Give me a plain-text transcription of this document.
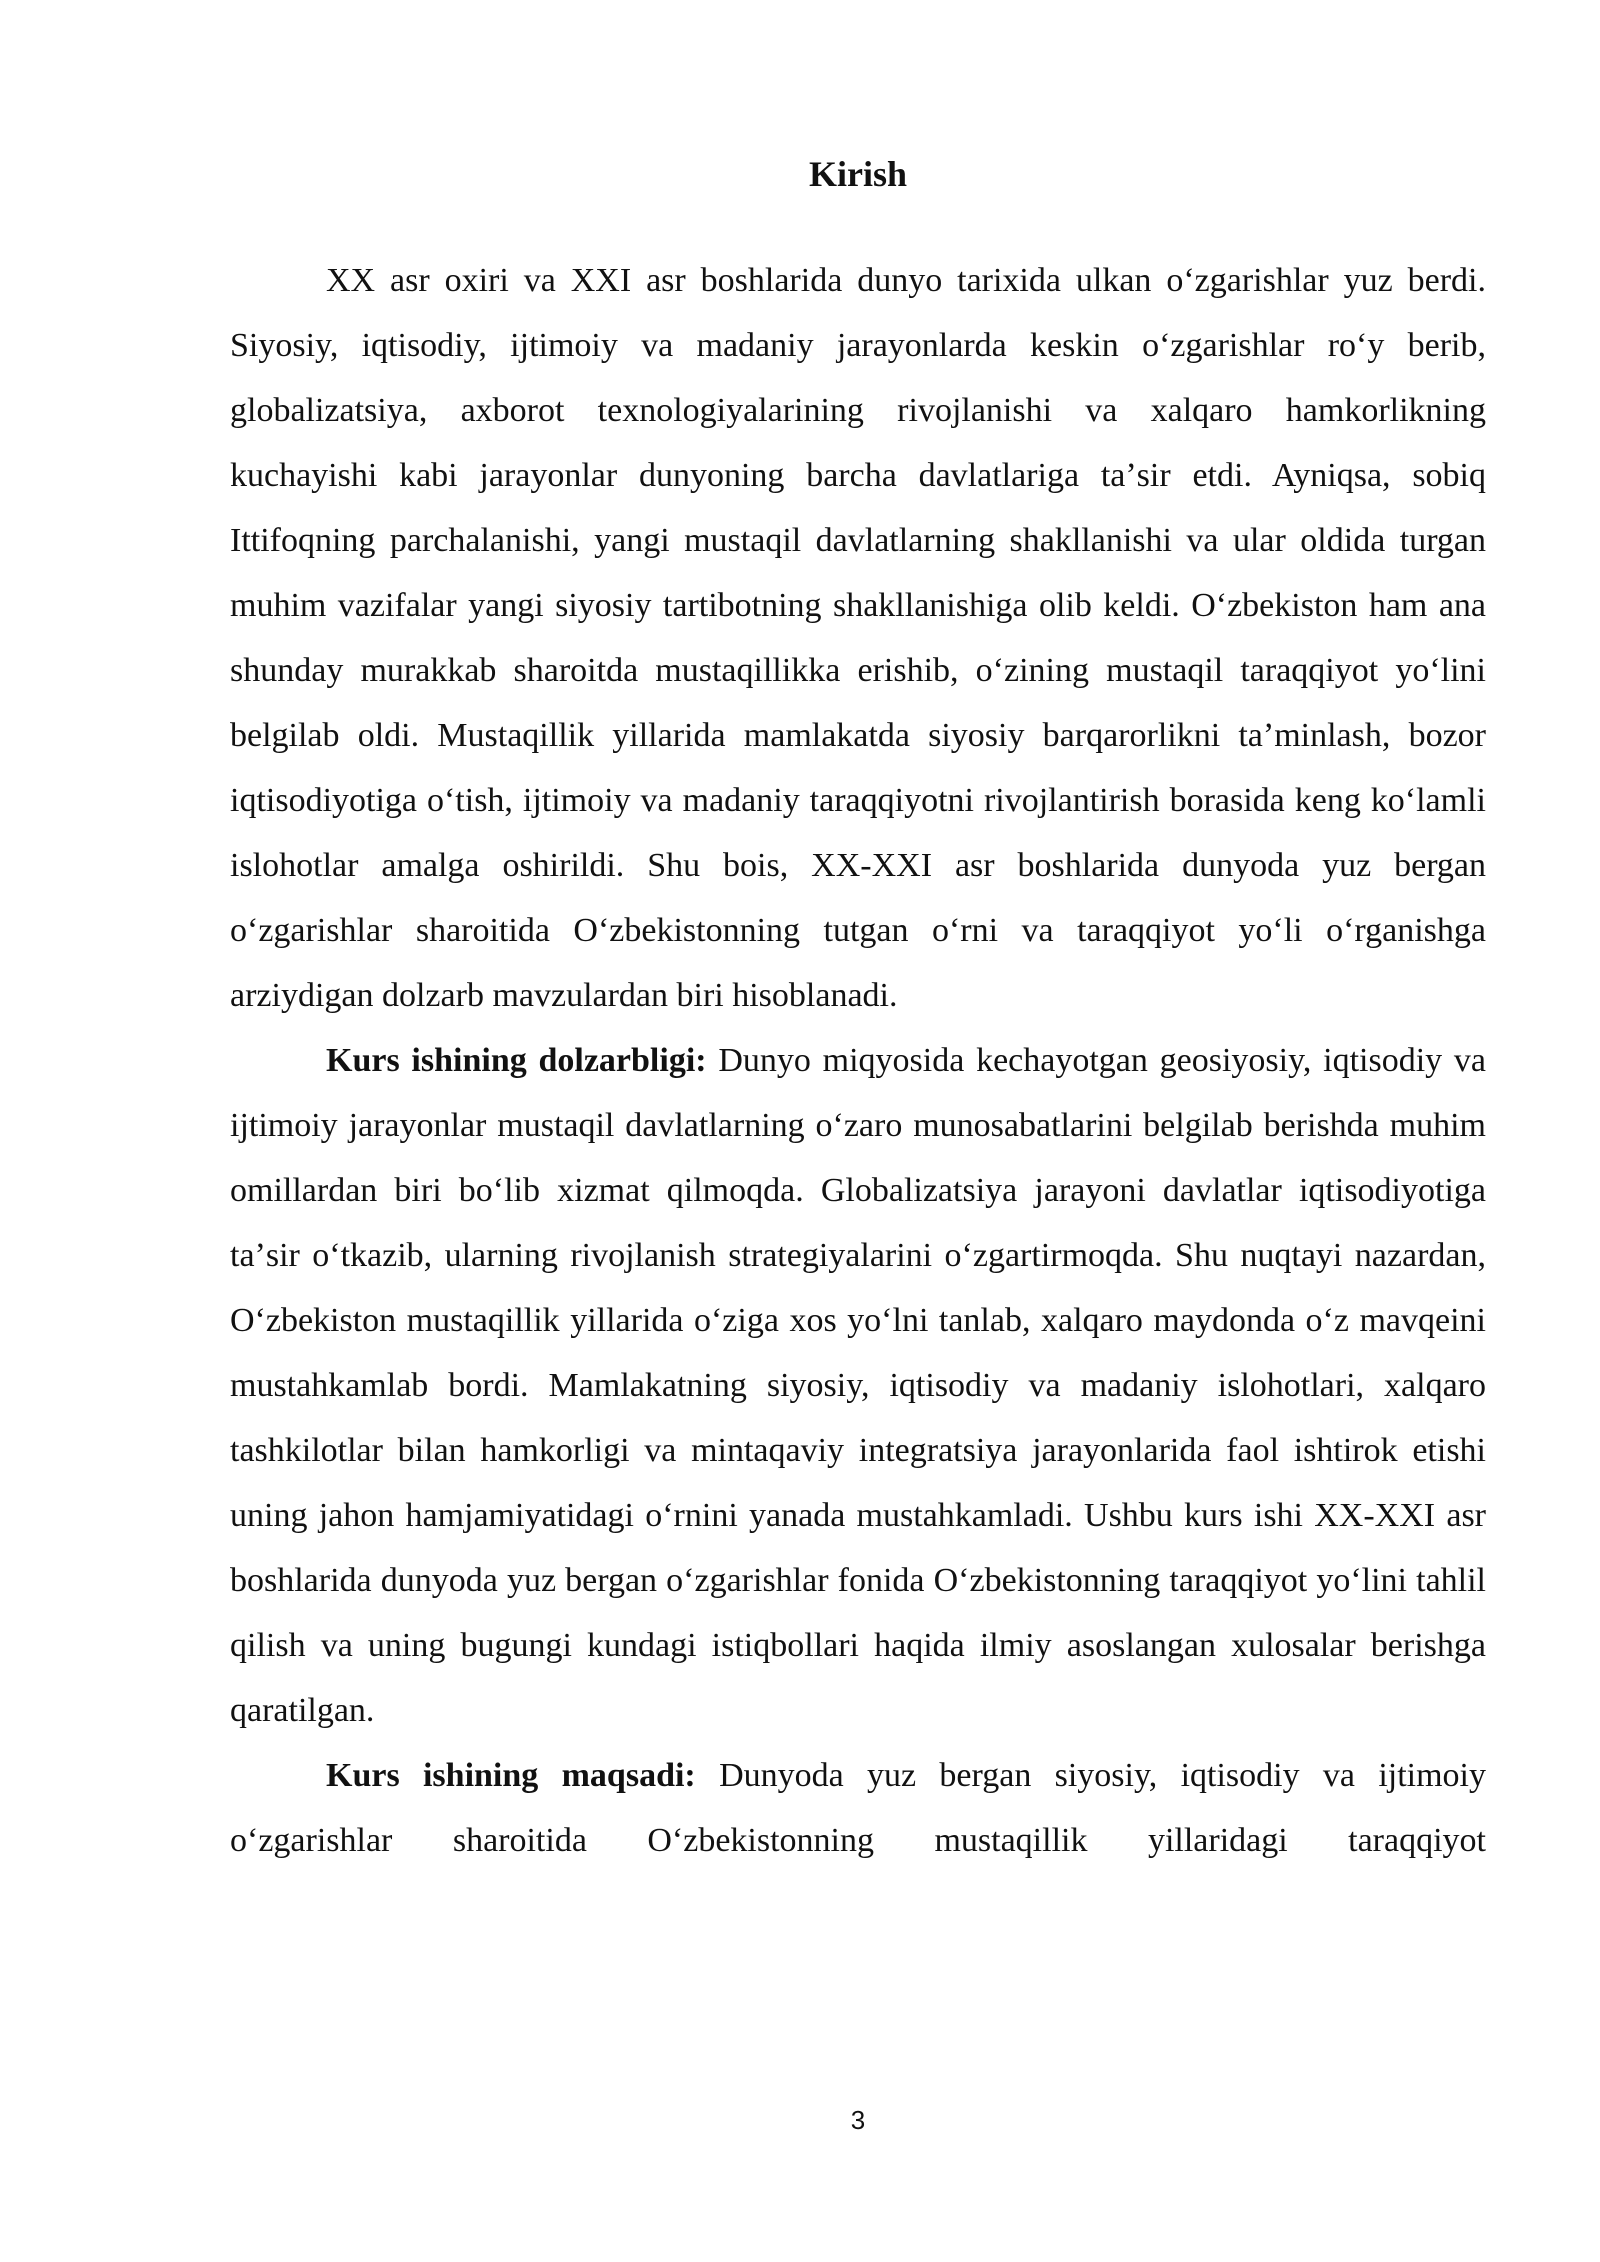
Kirish

XX asr oxiri va XXI asr boshlarida dunyo tarixida ulkan oʻzgarishlar yuz berdi. Siyosiy, iqtisodiy, ijtimoiy va madaniy jarayonlarda keskin oʻzgarishlar roʻy berib, globalizatsiya, axborot texnologiyalarining rivojlanishi va xalqaro hamkorlikning kuchayishi kabi jarayonlar dunyoning barcha davlatlariga taʼsir etdi. Ayniqsa, sobiq Ittifoqning parchalanishi, yangi mustaqil davlatlarning shakllanishi va ular oldida turgan muhim vazifalar yangi siyosiy tartibotning shakllanishiga olib keldi. Oʻzbekiston ham ana shunday murakkab sharoitda mustaqillikka erishib, oʻzining mustaqil taraqqiyot yoʻlini belgilab oldi. Mustaqillik yillarida mamlakatda siyosiy barqarorlikni taʼminlash, bozor iqtisodiyotiga oʻtish, ijtimoiy va madaniy taraqqiyotni rivojlantirish borasida keng koʻlamli islohotlar amalga oshirildi. Shu bois, XX-XXI asr boshlarida dunyoda yuz bergan oʻzgarishlar sharoitida Oʻzbekistonning tutgan oʻrni va taraqqiyot yoʻli oʻrganishga arziydigan dolzarb mavzulardan biri hisoblanadi.

Kurs ishining dolzarbligi: Dunyo miqyosida kechayotgan geosiyosiy, iqtisodiy va ijtimoiy jarayonlar mustaqil davlatlarning oʻzaro munosabatlarini belgilab berishda muhim omillardan biri boʻlib xizmat qilmoqda. Globalizatsiya jarayoni davlatlar iqtisodiyotiga taʼsir oʻtkazib, ularning rivojlanish strategiyalarini oʻzgartirmoqda. Shu nuqtayi nazardan, Oʻzbekiston mustaqillik yillarida oʻziga xos yoʻlni tanlab, xalqaro maydonda oʻz mavqeini mustahkamlab bordi. Mamlakatning siyosiy, iqtisodiy va madaniy islohotlari, xalqaro tashkilotlar bilan hamkorligi va mintaqaviy integratsiya jarayonlarida faol ishtirok etishi uning jahon hamjamiyatidagi oʻrnini yanada mustahkamladi. Ushbu kurs ishi XX-XXI asr boshlarida dunyoda yuz bergan oʻzgarishlar fonida Oʻzbekistonning taraqqiyot yoʻlini tahlil qilish va uning bugungi kundagi istiqbollari haqida ilmiy asoslangan xulosalar berishga qaratilgan.

Kurs ishining maqsadi: Dunyoda yuz bergan siyosiy, iqtisodiy va ijtimoiy oʻzgarishlar sharoitida Oʻzbekistonning mustaqillik yillaridagi taraqqiyot

3
